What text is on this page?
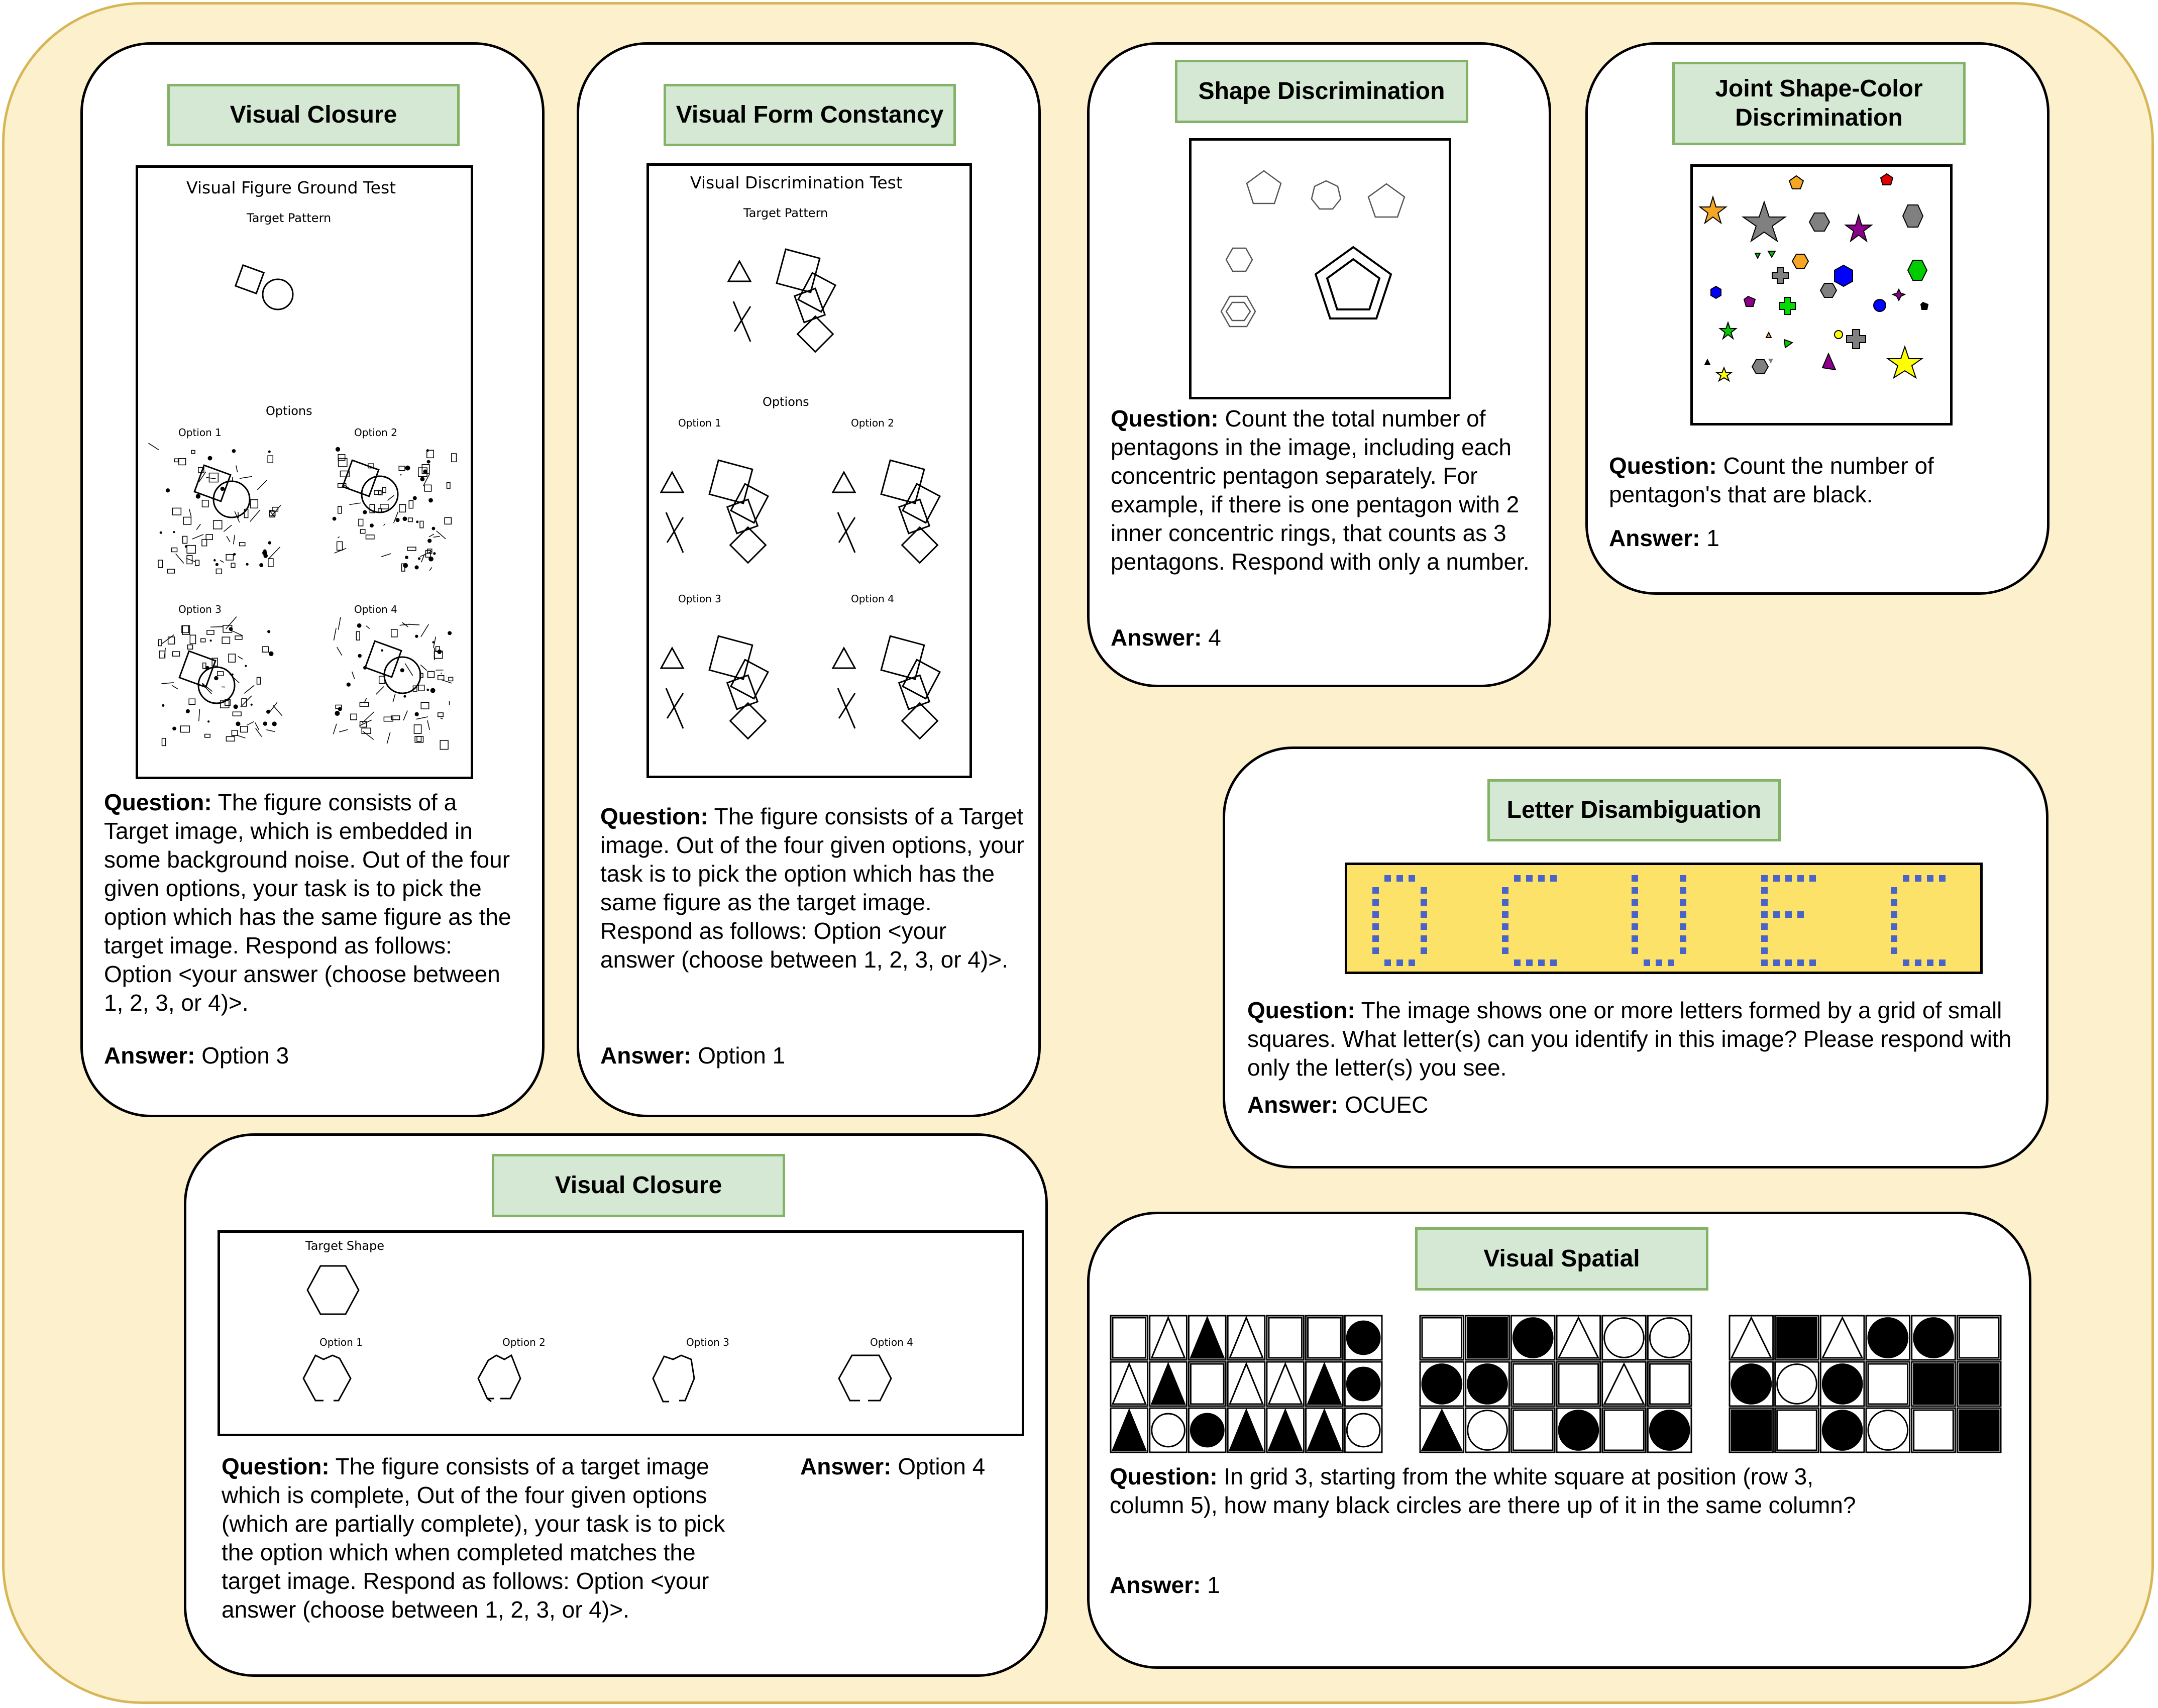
Visual Closure
Visual Figure Ground Test
Target Pattern
Options
Option 1	Option 2
Option 3	Option 4
Question: The figure consists of a Target image, which is embedded in some background noise. Out of the four given options, your task is to pick the option which has the same figure as the target image. Respond as follows: Option <your answer (choose between 1, 2, 3, or 4)>.
Answer: Option 3
Visual Form Constancy
Visual Discrimination Test
Target Pattern
Options
Option 1	Option 2
Option 3	Option 4
Question: The figure consists of a Target image. Out of the four given options, your task is to pick the option which has the same figure as the target image. Respond as follows: Option <your answer (choose between 1, 2, 3, or 4)>.
Answer: Option 1
Shape Discrimination
Question: Count the total number of pentagons in the image, including each concentric pentagon separately. For example, if there is one pentagon with 2 inner concentric rings, that counts as 3 pentagons. Respond with only a number.
Answer: 4
Joint Shape-Color Discrimination
Question: Count the number of pentagon's that are black.
Answer: 1
Letter Disambiguation
Question: The image shows one or more letters formed by a grid of small squares. What letter(s) can you identify in this image? Please respond with only the letter(s) you see.
Answer: OCUEC
Visual Closure
Target Shape
Option 1	Option 2	Option 3	Option 4
Question: The figure consists of a target image which is complete, Out of the four given options (which are partially complete), your task is to pick the option which when completed matches the target image. Respond as follows: Option <your answer (choose between 1, 2, 3, or 4)>.
Answer: Option 4
Visual Spatial
Question: In grid 3, starting from the white square at position (row 3, column 5), how many black circles are there up of it in the same column?
Answer: 1
